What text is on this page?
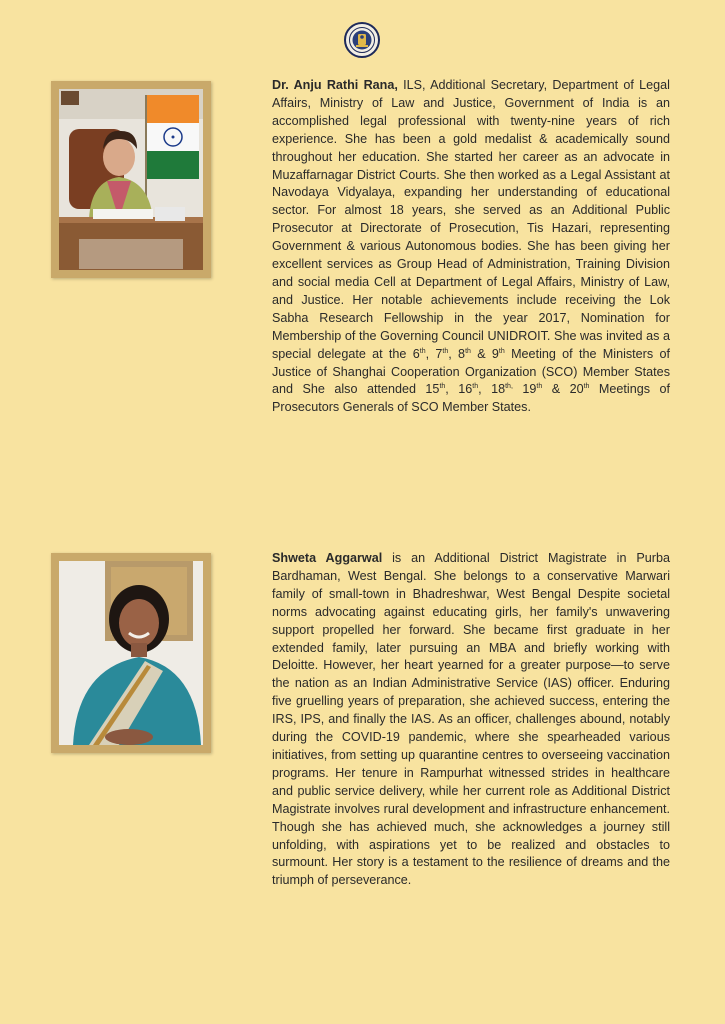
Dr. Anju Rathi Rana, ILS, Additional Secretary, Department of Legal Affairs, Ministry of Law and Justice, Government of India is an accomplished legal professional with twenty-nine years of rich experience. She has been a gold medalist & academically sound throughout her education. She started her career as an advocate in Muzaffarnagar District Courts. She then worked as a Legal Assistant at Navodaya Vidyalaya, expanding her understanding of educational sector. For almost 18 years, she served as an Additional Public Prosecutor at Directorate of Prosecution, Tis Hazari, representing Government & various Autonomous bodies. She has been giving her excellent services as Group Head of Administration, Training Division and social media Cell at Department of Legal Affairs, Ministry of Law, and Justice. Her notable achievements include receiving the Lok Sabha Research Fellowship in the year 2017, Nomination for Membership of the Governing Council UNIDROIT. She was invited as a special delegate at the 6th, 7th, 8th & 9th Meeting of the Ministers of Justice of Shanghai Cooperation Organization (SCO) Member States and She also attended 15th, 16th, $18^{th,}$ 19th & 20th Meetings of Prosecutors Generals of SCO Member States.

Shweta Aggarwal is an Additional District Magistrate in Purba Bardhaman, West Bengal. She belongs to a conservative Marwari family of small-town in Bhadreshwar, West Bengal Despite societal norms advocating against educating girls, her family's unwavering support propelled her forward. She became first graduate in her extended family, later pursuing an MBA and briefly working with Deloitte. However, her heart yearned for a greater purpose—to serve the nation as an Indian Administrative Service (IAS) officer. Enduring five gruelling years of preparation, she achieved success, entering the IRS, IPS, and finally the IAS. As an officer, challenges abound, notably during the COVID-19 pandemic, where she spearheaded various initiatives, from setting up quarantine centres to overseeing vaccination programs. Her tenure in Rampurhat witnessed strides in healthcare and public service delivery, while her current role as Additional District Magistrate involves rural development and infrastructure enhancement. Though she has achieved much, she acknowledges a journey still unfolding, with aspirations yet to be realized and obstacles to surmount. Her story is a testament to the resilience of dreams and the triumph of perseverance.
